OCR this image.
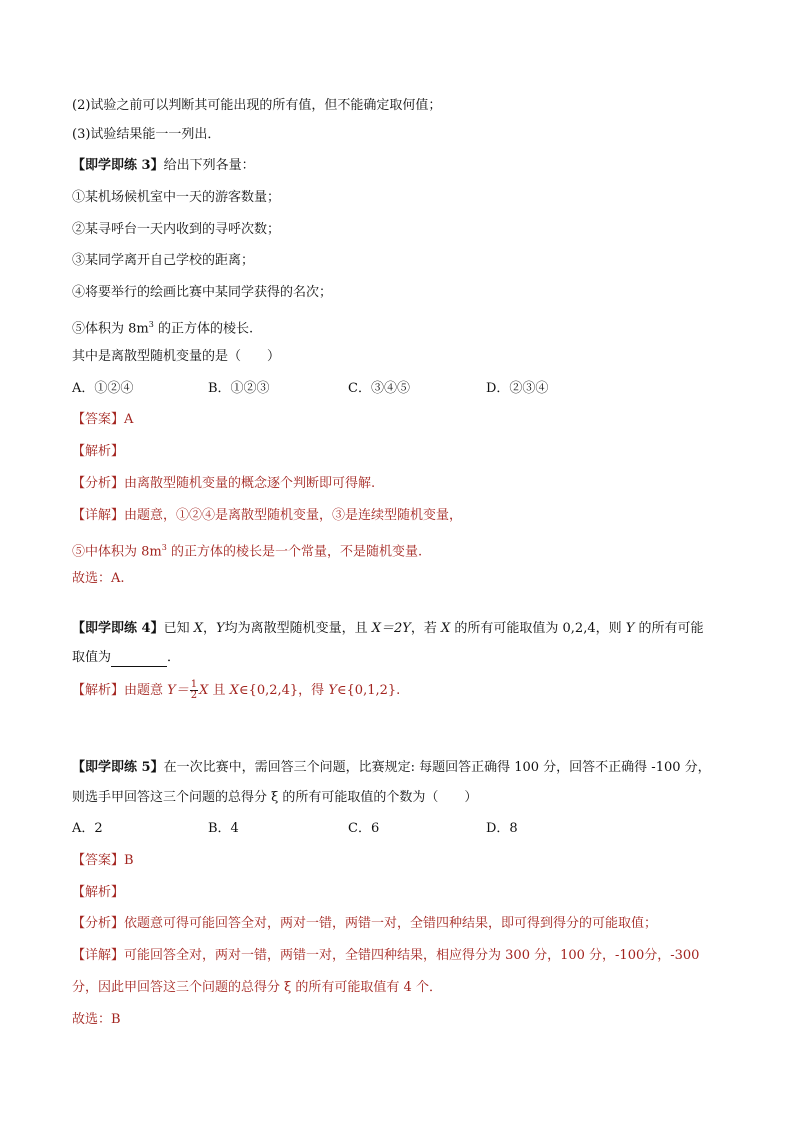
(2)试验之前可以判断其可能出现的所有值，但不能确定取何值；
(3)试验结果能一一列出．
【即学即练 3】给出下列各量：
①某机场候机室中一天的游客数量；
②某寻呼台一天内收到的寻呼次数；
③某同学离开自己学校的距离；
④将要举行的绘画比赛中某同学获得的名次；
⑤体积为 $8m^3$ 的正方体的棱长.
其中是离散型随机变量的是（　　）
A．①②④	B．①②③	C．③④⑤	D．②③④
【答案】A
【解析】
【分析】由离散型随机变量的概念逐个判断即可得解.
【详解】由题意，①②④是离散型随机变量，③是连续型随机变量，
⑤中体积为 $8m^3$ 的正方体的棱长是一个常量，不是随机变量.
故选：A.
【即学即练 4】已知 X，Y均为离散型随机变量，且 X＝2Y，若 X 的所有可能取值为 0,2,4，则 Y 的所有可能
取值为	．
【解析】由题意 $Y= \frac{1}{2}$ X 且 X∈{0,2,4}，得 Y∈{0,1,2}.
【即学即练 5】在一次比赛中，需回答三个问题，比赛规定: 每题回答正确得 100 分，回答不正确得 -100 分，
则选手甲回答这三个问题的总得分 ξ 的所有可能取值的个数为（　　）
A．2	B．4	C．6	D．8
【答案】B
【解析】
【分析】依题意可得可能回答全对，两对一错，两错一对，全错四种结果，即可得到得分的可能取值；
【详解】可能回答全对，两对一错，两错一对，全错四种结果，相应得分为 300 分，100 分，-100分，-300
分，因此甲回答这三个问题的总得分 ξ 的所有可能取值有 4 个．
故选：B
